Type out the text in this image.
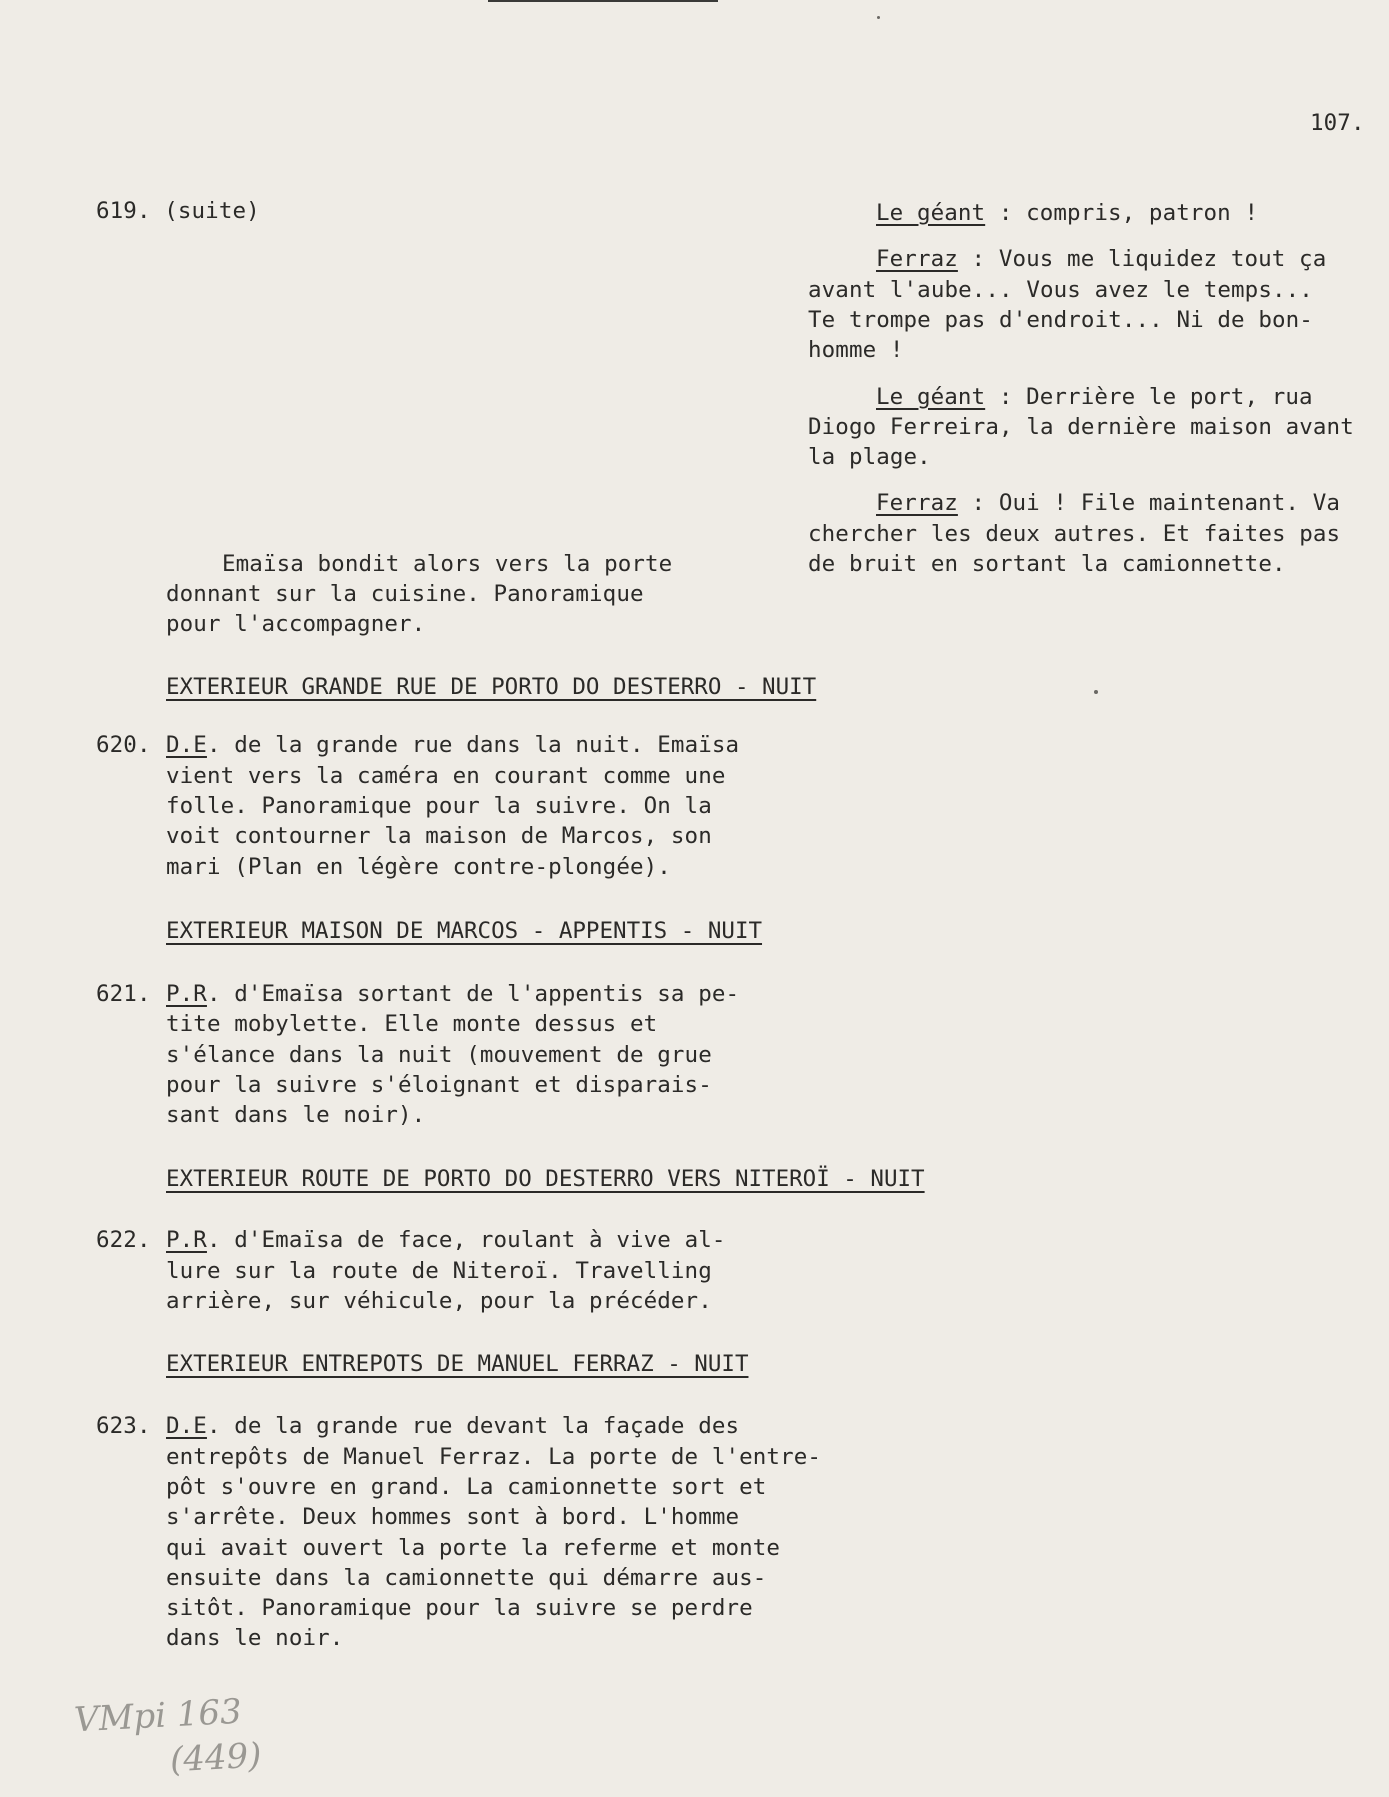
107.
619. (suite)	Le géant : compris, patron !
Ferraz : Vous me liquidez tout ça
avant l'aube... Vous avez le temps...
Te trompe pas d'endroit... Ni de bon-
homme !
Le géant : Derrière le port, rua
Diogo Ferreira, la dernière maison avant
la plage.
Ferraz : Oui ! File maintenant. Va
chercher les deux autres. Et faites pas
de bruit en sortant la camionnette.
Emaïsa bondit alors vers la porte
donnant sur la cuisine. Panoramique
pour l'accompagner.
EXTERIEUR GRANDE RUE DE PORTO DO DESTERRO - NUIT
620. D.E. de la grande rue dans la nuit. Emaïsa
vient vers la caméra en courant comme une
folle. Panoramique pour la suivre. On la
voit contourner la maison de Marcos, son
mari (Plan en légère contre-plongée).
EXTERIEUR MAISON DE MARCOS - APPENTIS - NUIT
621. P.R. d'Emaïsa sortant de l'appentis sa pe-
tite mobylette. Elle monte dessus et
s'élance dans la nuit (mouvement de grue
pour la suivre s'éloignant et disparais-
sant dans le noir).
EXTERIEUR ROUTE DE PORTO DO DESTERRO VERS NITEROÏ - NUIT
622. P.R. d'Emaïsa de face, roulant à vive al-
lure sur la route de Niteroï. Travelling
arrière, sur véhicule, pour la précéder.
EXTERIEUR ENTREPOTS DE MANUEL FERRAZ - NUIT
623. D.E. de la grande rue devant la façade des
entrepôts de Manuel Ferraz. La porte de l'entre-
pôt s'ouvre en grand. La camionnette sort et
s'arrête. Deux hommes sont à bord. L'homme
qui avait ouvert la porte la referme et monte
ensuite dans la camionnette qui démarre aus-
sitôt. Panoramique pour la suivre se perdre
dans le noir.
VMpi 163
(449)
